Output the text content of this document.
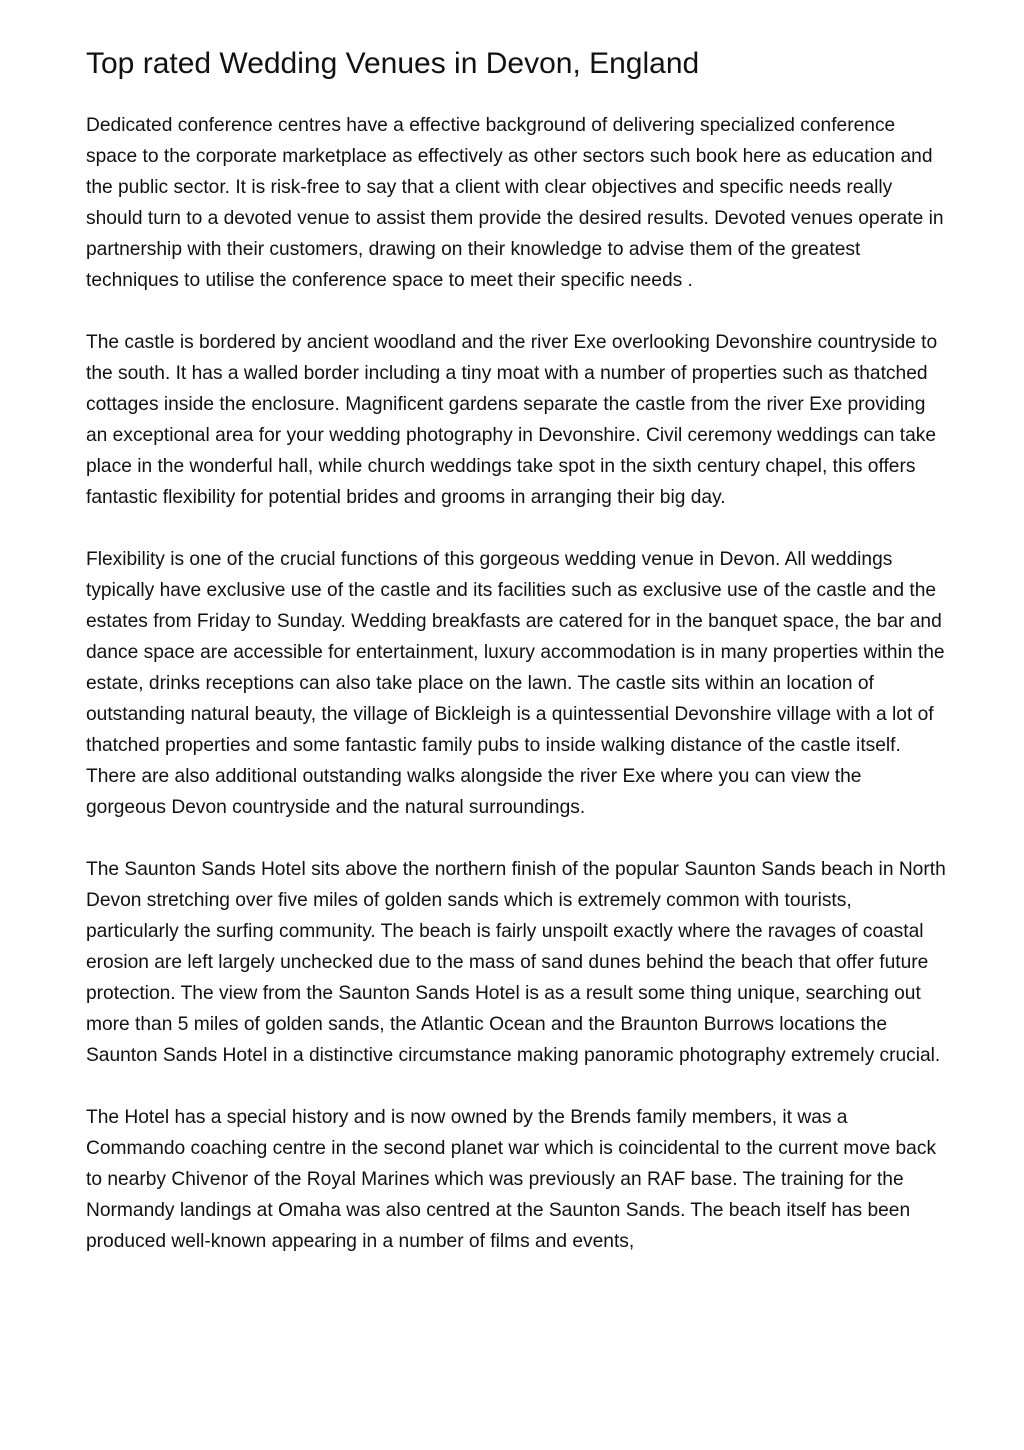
Top rated Wedding Venues in Devon, England

Dedicated conference centres have a effective background of delivering specialized conference space to the corporate marketplace as effectively as other sectors such book here as education and the public sector. It is risk-free to say that a client with clear objectives and specific needs really should turn to a devoted venue to assist them provide the desired results. Devoted venues operate in partnership with their customers, drawing on their knowledge to advise them of the greatest techniques to utilise the conference space to meet their specific needs .

The castle is bordered by ancient woodland and the river Exe overlooking Devonshire countryside to the south. It has a walled border including a tiny moat with a number of properties such as thatched cottages inside the enclosure. Magnificent gardens separate the castle from the river Exe providing an exceptional area for your wedding photography in Devonshire. Civil ceremony weddings can take place in the wonderful hall, while church weddings take spot in the sixth century chapel, this offers fantastic flexibility for potential brides and grooms in arranging their big day.

Flexibility is one of the crucial functions of this gorgeous wedding venue in Devon. All weddings typically have exclusive use of the castle and its facilities such as exclusive use of the castle and the estates from Friday to Sunday. Wedding breakfasts are catered for in the banquet space, the bar and dance space are accessible for entertainment, luxury accommodation is in many properties within the estate, drinks receptions can also take place on the lawn. The castle sits within an location of outstanding natural beauty, the village of Bickleigh is a quintessential Devonshire village with a lot of thatched properties and some fantastic family pubs to inside walking distance of the castle itself. There are also additional outstanding walks alongside the river Exe where you can view the gorgeous Devon countryside and the natural surroundings.

The Saunton Sands Hotel sits above the northern finish of the popular Saunton Sands beach in North Devon stretching over five miles of golden sands which is extremely common with tourists, particularly the surfing community. The beach is fairly unspoilt exactly where the ravages of coastal erosion are left largely unchecked due to the mass of sand dunes behind the beach that offer future protection. The view from the Saunton Sands Hotel is as a result some thing unique, searching out more than 5 miles of golden sands, the Atlantic Ocean and the Braunton Burrows locations the Saunton Sands Hotel in a distinctive circumstance making panoramic photography extremely crucial.

The Hotel has a special history and is now owned by the Brends family members, it was a Commando coaching centre in the second planet war which is coincidental to the current move back to nearby Chivenor of the Royal Marines which was previously an RAF base. The training for the Normandy landings at Omaha was also centred at the Saunton Sands. The beach itself has been produced well-known appearing in a number of films and events,
